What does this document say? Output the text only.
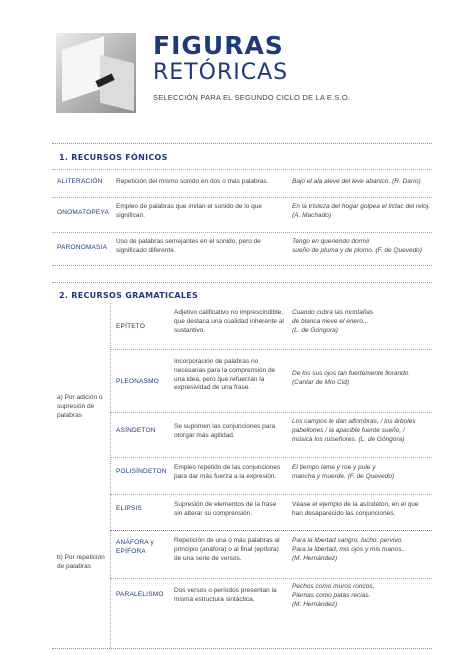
FIGURAS
RETÓRICAS
SELECCIÓN PARA EL SEGUNDO CICLO DE LA E.S.O.
1. RECURSOS FÓNICOS
ALITERACIÓN Repetición del mismo sonido en dos o más palabras.	Bajo el ala aleve del leve abanico. (R. Darío)
ONOMATOPEYA
Empleo de palabras que imitan el sonido de lo que significan.
En la tristeza del hogar golpea el tictac del reloj.
(A. Machado)
PARONOMASIA
Uso de palabras semejantes en el sonido, pero de significado diferente.
Tengo en queriendo dormir
sueño de pluma y de plomo. (F. de Quevedo)
2. RECURSOS GRAMATICALES
a) Por adición o
supresión de
palabras
b) Por repetición
de palabras
EPÍTETO
Adjetivo calificativo no imprescindible, que destaca una cualidad inherente al sustantivo.
Cuando cubra las montañas
de blanca nieve el enero...
(L. de Góngora)
PLEONASMO
Incorporación de palabras no necesarias para la comprensión de una idea, pero que refuerzan la expresividad de una frase.
De los sus ojos tan fuertemente llorando.
(Cantar de Mío Cid)
ASÍNDETON
Se suprimen las conjunciones para otorgar más agilidad.
Los campos le dan alfombras, / los árboles
pabellones / la apacible fuente sueño, /
música los ruiseñores. (L. de Góngora)
POLISÍNDETON
Empleo repetido de las conjunciones para dar más fuerza a la expresión.
El tiempo lame y roe y pule y
mancha y muerde. (F. de Quevedo)
ELIPSIS
Supresión de elementos de la frase sin alterar su comprensión.
Véase el ejemplo de la asíndeton, en el que
han desaparecido las conjunciones.
ANÁFORA y
EPÍFORA
Repetición de una o más palabras al principio (anáfora) o al final (epífora) de una serie de versos.
Para la libertad sangro, lucho, pervivo.
Para la libertad, mis ojos y mis manos...
(M. Hernández)
PARALELISMO
Dos versos o períodos presentan la misma estructura sintáctica.
Pechos como muros roncos,
Piernas como patas recias.
(M. Hernández)
